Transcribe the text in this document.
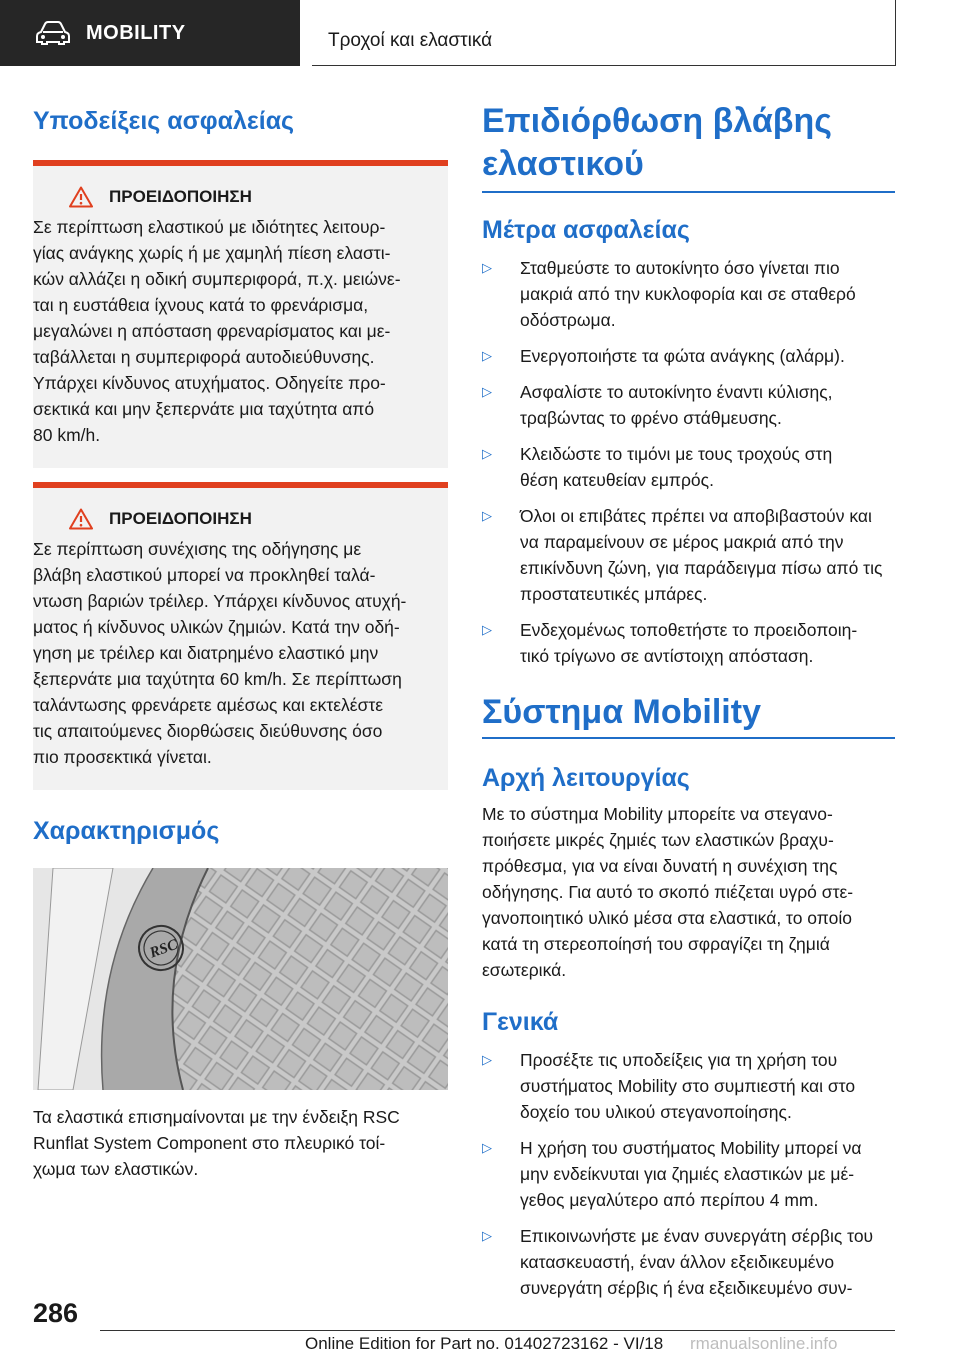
MOBILITY	Τροχοί και ελαστικά
Υποδείξεις ασφαλείας
ΠΡΟΕΙΔΟΠΟΙΗΣΗ
Σε περίπτωση ελαστικού με ιδιότητες λειτουρ-
γίας ανάγκης χωρίς ή με χαμηλή πίεση ελαστι-
κών αλλάζει η οδική συμπεριφορά, π.χ. μειώνε-
ται η ευστάθεια ίχνους κατά το φρενάρισμα,
μεγαλώνει η απόσταση φρεναρίσματος και με-
ταβάλλεται η συμπεριφορά αυτοδιεύθυνσης.
Υπάρχει κίνδυνος ατυχήματος. Οδηγείτε προ-
σεκτικά και μην ξεπερνάτε μια ταχύτητα από
80 km/h.
ΠΡΟΕΙΔΟΠΟΙΗΣΗ
Σε περίπτωση συνέχισης της οδήγησης με
βλάβη ελαστικού μπορεί να προκληθεί ταλά-
ντωση βαριών τρέιλερ. Υπάρχει κίνδυνος ατυχή-
ματος ή κίνδυνος υλικών ζημιών. Κατά την οδή-
γηση με τρέιλερ και διατρημένο ελαστικό μην
ξεπερνάτε μια ταχύτητα 60 km/h. Σε περίπτωση
ταλάντωσης φρενάρετε αμέσως και εκτελέστε
τις απαιτούμενες διορθώσεις διεύθυνσης όσο
πιο προσεκτικά γίνεται.
Χαρακτηρισμός
RSC
Τα ελαστικά επισημαίνονται με την ένδειξη RSC
Runflat System Component στο πλευρικό τοί-
χωμα των ελαστικών.
Επιδιόρθωση βλάβης
ελαστικού
Μέτρα ασφαλείας
▷	Σταθμεύστε το αυτοκίνητο όσο γίνεται πιο
μακριά από την κυκλοφορία και σε σταθερό
οδόστρωμα.
▷	Ενεργοποιήστε τα φώτα ανάγκης (αλάρμ).
▷	Ασφαλίστε το αυτοκίνητο έναντι κύλισης,
τραβώντας το φρένο στάθμευσης.
▷	Κλειδώστε το τιμόνι με τους τροχούς στη
θέση κατευθείαν εμπρός.
▷	Όλοι οι επιβάτες πρέπει να αποβιβαστούν και
να παραμείνουν σε μέρος μακριά από την
επικίνδυνη ζώνη, για παράδειγμα πίσω από τις
προστατευτικές μπάρες.
▷	Ενδεχομένως τοποθετήστε το προειδοποιη-
τικό τρίγωνο σε αντίστοιχη απόσταση.
Σύστημα Mobility
Αρχή λειτουργίας
Με το σύστημα Mobility μπορείτε να στεγανο-
ποιήσετε μικρές ζημιές των ελαστικών βραχυ-
πρόθεσμα, για να είναι δυνατή η συνέχιση της
οδήγησης. Για αυτό το σκοπό πιέζεται υγρό στε-
γανοποιητικό υλικό μέσα στα ελαστικά, το οποίο
κατά τη στερεοποίησή του σφραγίζει τη ζημιά
εσωτερικά.
Γενικά
▷	Προσέξτε τις υποδείξεις για τη χρήση του
συστήματος Mobility στο συμπιεστή και στο
δοχείο του υλικού στεγανοποίησης.
▷	Η χρήση του συστήματος Mobility μπορεί να
μην ενδείκνυται για ζημιές ελαστικών με μέ-
γεθος μεγαλύτερο από περίπου 4 mm.
▷	Επικοινωνήστε με έναν συνεργάτη σέρβις του
κατασκευαστή, έναν άλλον εξειδικευμένο
συνεργάτη σέρβις ή ένα εξειδικευμένο συν-
286
Online Edition for Part no. 01402723162 - VI/18 rmanualsonline.info
